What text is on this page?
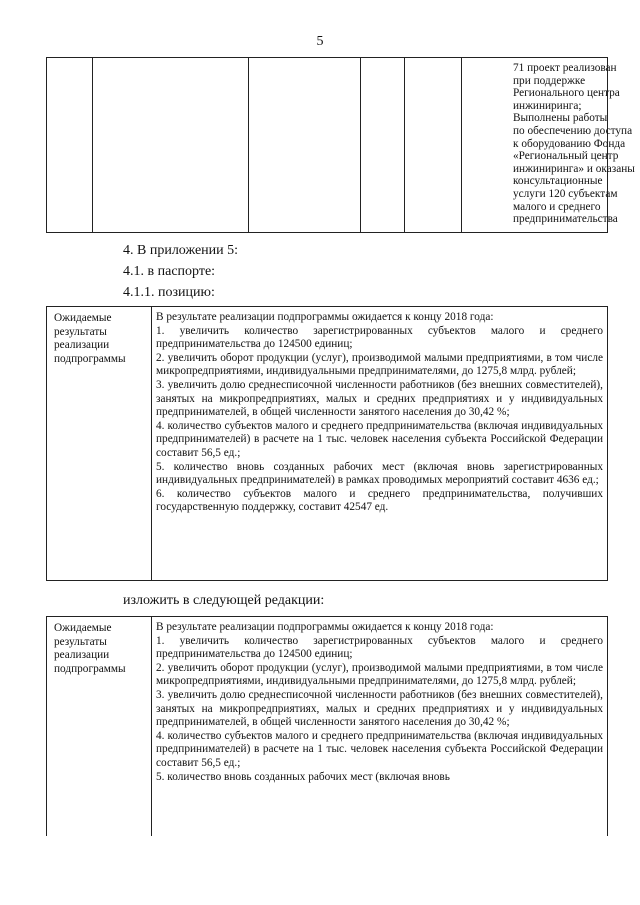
5
71 проект реализован
при поддержке
Регионального центра
инжиниринга;
Выполнены работы
по обеспечению доступа
к оборудованию Фонда
«Региональный центр
инжиниринга» и оказаны
консультационные
услуги 120 субъектам
малого и среднего
предпринимательства
4. В приложении 5:
4.1. в паспорте:
4.1.1. позицию:
Ожидаемые результаты реализации подпрограммы

В результате реализации подпрограммы ожидается к концу 2018 года:

1. увеличить количество зарегистрированных субъектов малого и среднего предпринимательства до 124500 единиц;

2. увеличить оборот продукции (услуг), производимой малыми предприятиями, в том числе микропредприятиями, индивидуальными предпринимателями, до 1275,8 млрд. рублей;

3. увеличить долю среднесписочной численности работников (без внешних совместителей), занятых на микропредприятиях, малых и средних предприятиях и у индивидуальных предпринимателей, в общей численности занятого населения до 30,42 %;

4. количество субъектов малого и среднего предпринимательства (включая индивидуальных предпринимателей) в расчете на 1 тыс. человек населения субъекта Российской Федерации составит 56,5 ед.;

5. количество вновь созданных рабочих мест (включая вновь зарегистрированных индивидуальных предпринимателей) в рамках проводимых мероприятий составит 4636 ед.;

6. количество субъектов малого и среднего предпринимательства, получивших государственную поддержку, составит 42547 ед.

изложить в следующей редакции:
Ожидаемые результаты реализации подпрограммы

В результате реализации подпрограммы ожидается к концу 2018 года:

1. увеличить количество зарегистрированных субъектов малого и среднего предпринимательства до 124500 единиц;

2. увеличить оборот продукции (услуг), производимой малыми предприятиями, в том числе микропредприятиями, индивидуальными предпринимателями, до 1275,8 млрд. рублей;

3. увеличить долю среднесписочной численности работников (без внешних совместителей), занятых на микропредприятиях, малых и средних предприятиях и у индивидуальных предпринимателей, в общей численности занятого населения до 30,42 %;

4. количество субъектов малого и среднего предпринимательства (включая индивидуальных предпринимателей) в расчете на 1 тыс. человек населения субъекта Российской Федерации составит 56,5 ед.;

5. количество вновь созданных рабочих мест (включая вновь
